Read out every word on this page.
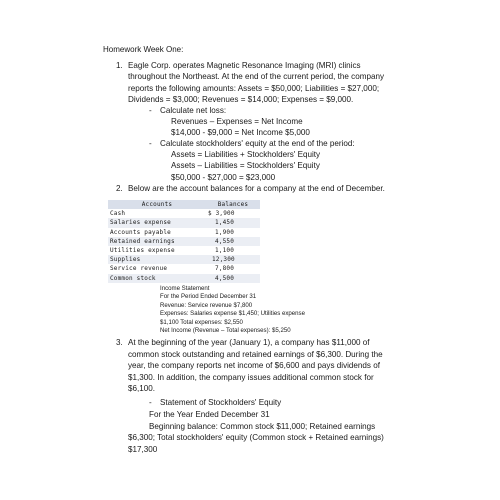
Homework Week One:
1. Eagle Corp. operates Magnetic Resonance Imaging (MRI) clinics
throughout the Northeast. At the end of the current period, the company
reports the following amounts: Assets = $50,000; Liabilities = $27,000;
Dividends = $3,000; Revenues = $14,000; Expenses = $9,000.
- Calculate net loss:
Revenues – Expenses = Net Income
$14,000 - $9,000 = Net Income $5,000
- Calculate stockholders' equity at the end of the period:
Assets = Liabilities + Stockholders' Equity
Assets – Liabilities = Stockholders' Equity
$50,000 - $27,000 = $23,000
2. Below are the account balances for a company at the end of December.
Accounts	Balances
Cash	$ 3,900
Salaries expense	1,450
Accounts payable	1,900
Retained earnings	4,550
Utilities expense	1,100
Supplies	12,300
Service revenue	7,800
Common stock	4,500
Income Statement
For the Period Ended December 31
Revenue: Service revenue $7,800
Expenses: Salaries expense $1,450; Utilities expense
$1,100 Total expenses: $2,550
Net Income (Revenue – Total expenses): $5,250
3. At the beginning of the year (January 1), a company has $11,000 of
common stock outstanding and retained earnings of $6,300. During the
year, the company reports net income of $6,600 and pays dividends of
$1,300. In addition, the company issues additional common stock for
$6,100.
- Statement of Stockholders' Equity
For the Year Ended December 31
Beginning balance: Common stock $11,000; Retained earnings
$6,300; Total stockholders' equity (Common stock + Retained earnings)
$17,300
